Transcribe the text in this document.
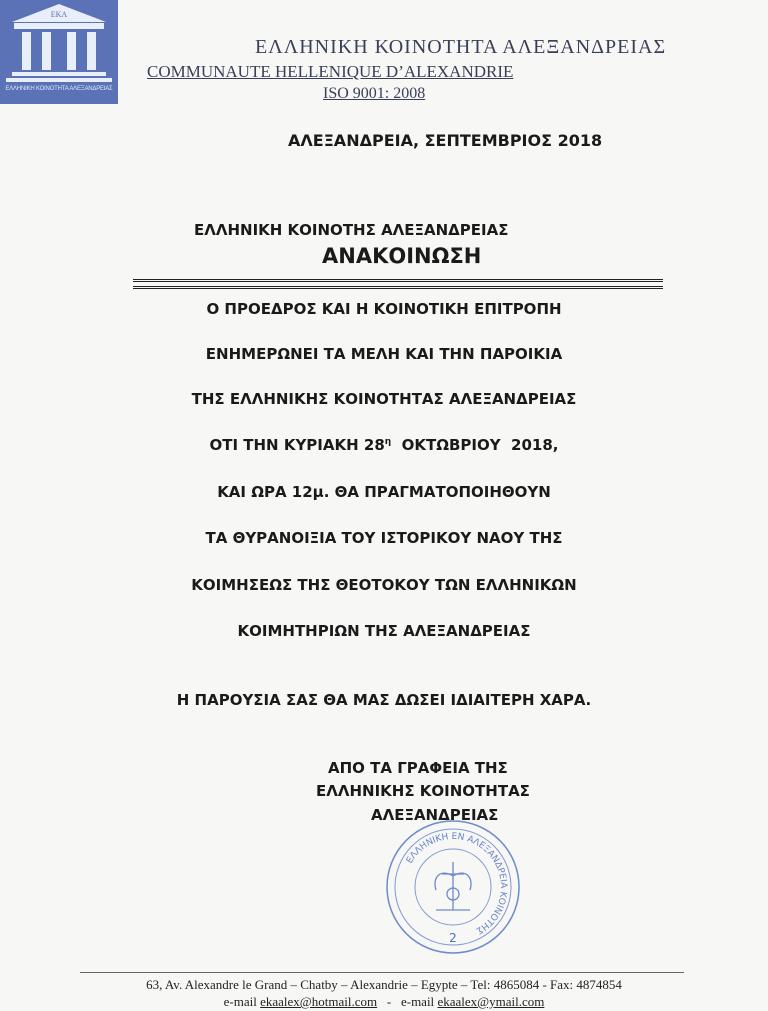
EKA
ΕΛΛΗΝΙΚΗ ΚΟΙΝΟΤΗΤΑ ΑΛΕΞΑΝΔΡΕΙΑΣ
ΕΛΛΗΝΙΚΗ ΚΟΙΝΟΤΗΤΑ ΑΛΕΞΑΝΔΡΕΙΑΣ
COMMUNAUTE HELLENIQUE D’ALEXANDRIE
ISO 9001: 2008
ΑΛΕΞΑΝΔΡΕΙΑ, ΣΕΠΤΕΜΒΡΙΟΣ 2018
ΕΛΛΗΝΙΚΗ ΚΟΙΝΟΤΗΣ ΑΛΕΞΑΝΔΡΕΙΑΣ
ΑΝΑΚΟΙΝΩΣΗ
Ο ΠΡΟΕΔΡΟΣ ΚΑΙ Η ΚΟΙΝΟΤΙΚΗ ΕΠΙΤΡΟΠΗ
ΕΝΗΜΕΡΩΝΕΙ ΤΑ ΜΕΛΗ ΚΑΙ ΤΗΝ ΠΑΡΟΙΚΙΑ
ΤΗΣ ΕΛΛΗΝΙΚΗΣ ΚΟΙΝΟΤΗΤΑΣ ΑΛΕΞΑΝΔΡΕΙΑΣ
ΟΤΙ ΤΗΝ ΚΥΡΙΑΚΗ $28^\eta$  ΟΚΤΩΒΡΙΟΥ  2018,
ΚΑΙ ΩΡΑ 12μ. ΘΑ ΠΡΑΓΜΑΤΟΠΟΙΗΘΟΥΝ
ΤΑ ΘΥΡΑΝΟΙΞΙΑ ΤΟΥ ΙΣΤΟΡΙΚΟΥ ΝΑΟΥ ΤΗΣ
ΚΟΙΜΗΣΕΩΣ ΤΗΣ ΘΕΟΤΟΚΟΥ ΤΩΝ ΕΛΛΗΝΙΚΩΝ
ΚΟΙΜΗΤΗΡΙΩΝ ΤΗΣ ΑΛΕΞΑΝΔΡΕΙΑΣ
Η ΠΑΡΟΥΣΙΑ ΣΑΣ ΘΑ ΜΑΣ ΔΩΣΕΙ ΙΔΙΑΙΤΕΡΗ ΧΑΡΑ.
ΑΠΟ ΤΑ ΓΡΑΦΕΙΑ ΤΗΣ
ΕΛΛΗΝΙΚΗΣ ΚΟΙΝΟΤΗΤΑΣ
ΑΛΕΞΑΝΔΡΕΙΑΣ
ΕΛΛΗΝΙΚΗ ΕΝ ΑΛΕΞΑΝΔΡΕΙΑ ΚΟΙΝΟΤΗΣ
2
63, Av. Alexandre le Grand – Chatby – Alexandrie – Egypte – Tel: 4865084 - Fax: 4874854
e-mail ekaalex@hotmail.com - e-mail ekaalex@ymail.com
